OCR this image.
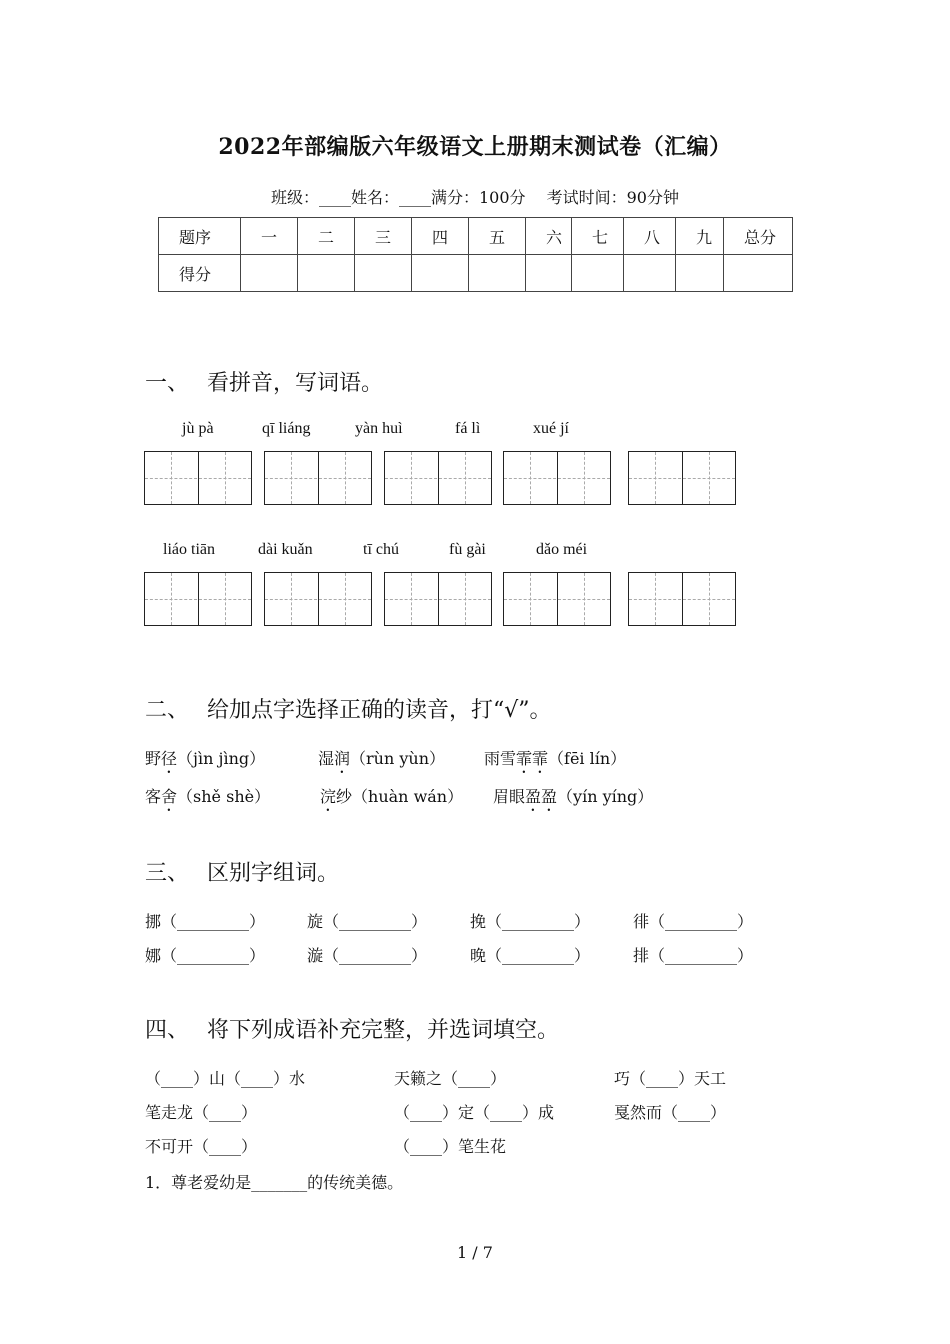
2022年部编版六年级语文上册期末测试卷（汇编）
班级：____姓名：____满分：100分　 考试时间：90分钟
题序	一	二	三	四	五	六	七	八	九	总分
得分										
一、 看拼音，写词语。
jù pà	qī liáng	yàn huì	fá lì	xué jí
liáo tiān	dài kuǎn	tī chú	fù gài	dǎo méi
二、 给加点字选择正确的读音，打“√”。
野径（jìn jìng）	湿润（rùn yùn） 雨雪霏霏（fēi lín）
客舍（shě shè）	浣纱（huàn wán） 眉眼盈盈（yín yíng）
三、 区别字组词。
挪（_________）	旋（_________）	挽（_________）	徘（_________）
娜（_________）	漩（_________）	晚（_________）	排（_________）
四、 将下列成语补充完整，并选词填空。
（____）山（____）水	天籁之（____）	巧（____）天工
笔走龙（____）	（____）定（____）成	戛然而（____）
不可开（____）	（____）笔生花
1．尊老爱幼是_______的传统美德。
1 / 7
